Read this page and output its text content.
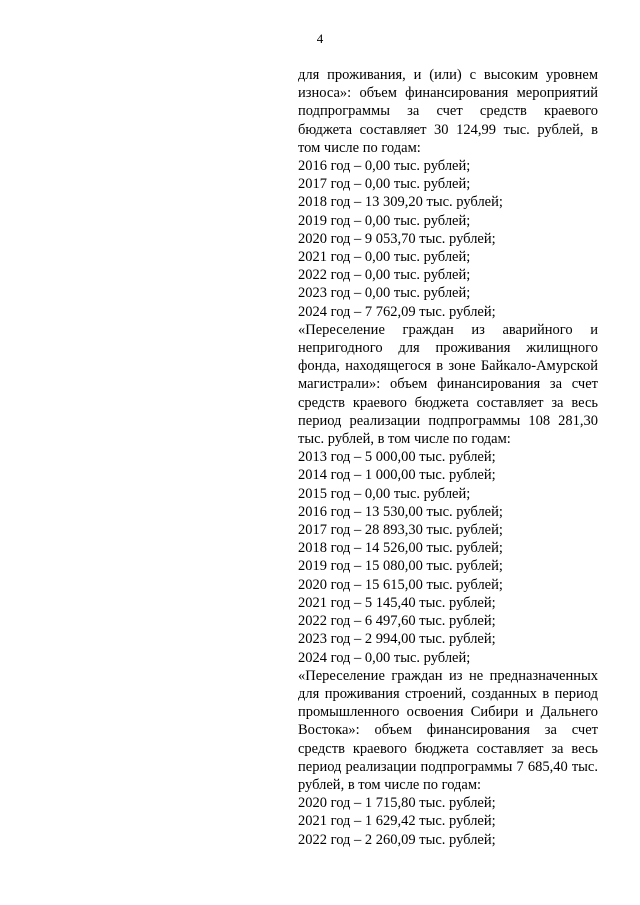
4

для проживания, и (или) с высоким уровнем износа»: объем финансирования мероприятий подпрограммы за счет средств краевого бюджета составляет 30 124,99 тыс. рублей, в том числе по годам:

2016 год – 0,00 тыс. рублей;

2017 год – 0,00 тыс. рублей;

2018 год – 13 309,20 тыс. рублей;

2019 год – 0,00 тыс. рублей;

2020 год – 9 053,70 тыс. рублей;

2021 год – 0,00 тыс. рублей;

2022 год – 0,00 тыс. рублей;

2023 год – 0,00 тыс. рублей;

2024 год – 7 762,09 тыс. рублей;

«Переселение граждан из аварийного и непригодного для проживания жилищного фонда, находящегося в зоне Байкало-Амурской магистрали»: объем финансирования за счет средств краевого бюджета составляет за весь период реализации подпрограммы 108 281,30 тыс. рублей, в том числе по годам:

2013 год – 5 000,00 тыс. рублей;

2014 год – 1 000,00 тыс. рублей;

2015 год – 0,00 тыс. рублей;

2016 год – 13 530,00 тыс. рублей;

2017 год – 28 893,30 тыс. рублей;

2018 год – 14 526,00 тыс. рублей;

2019 год – 15 080,00 тыс. рублей;

2020 год – 15 615,00 тыс. рублей;

2021 год – 5 145,40 тыс. рублей;

2022 год – 6 497,60 тыс. рублей;

2023 год – 2 994,00 тыс. рублей;

2024 год – 0,00 тыс. рублей;

«Переселение граждан из не предназначенных для проживания строений, созданных в период промышленного освоения Сибири и Дальнего Востока»: объем финансирования за счет средств краевого бюджета составляет за весь период реализации подпрограммы 7 685,40 тыс. рублей, в том числе по годам:

2020 год – 1 715,80 тыс. рублей;

2021 год – 1 629,42 тыс. рублей;

2022 год – 2 260,09 тыс. рублей;
